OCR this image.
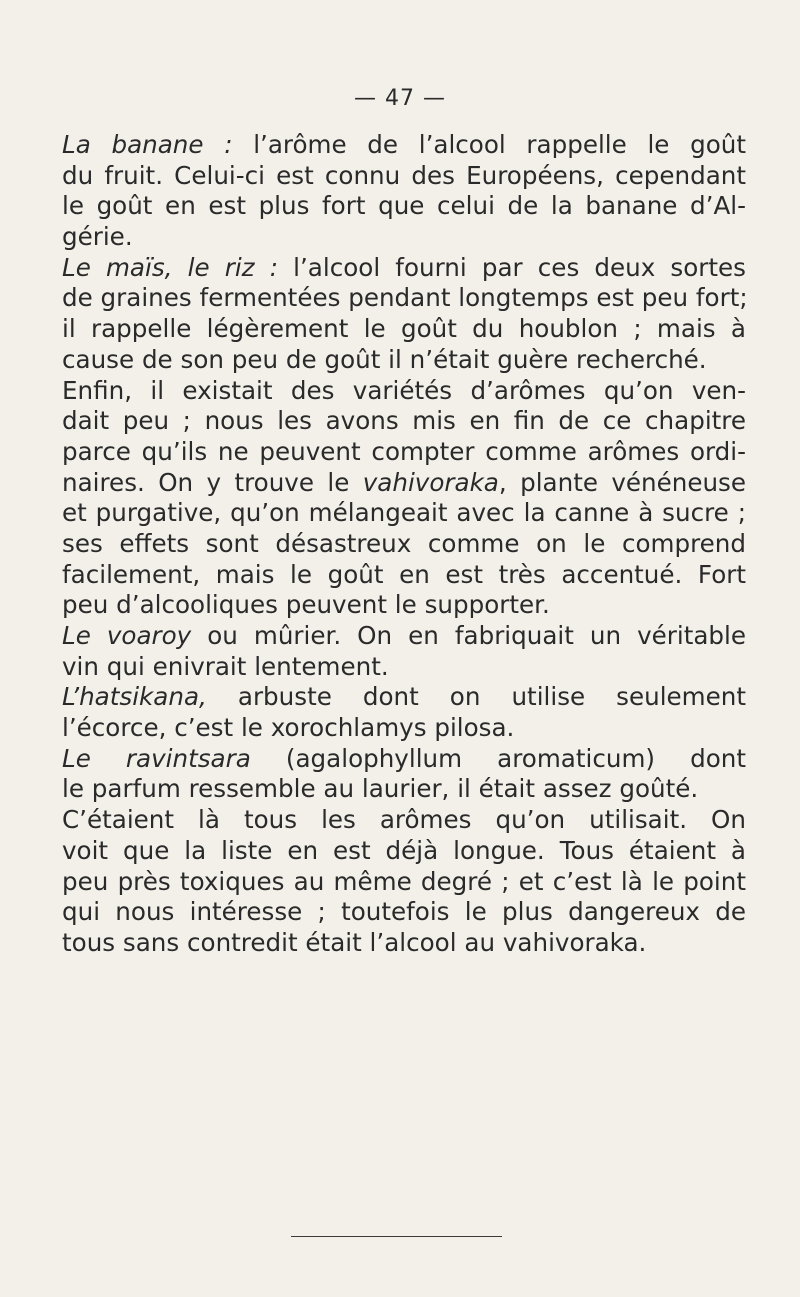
— 47 —
La banane : l’arôme de l’alcool rappelle le goût
du fruit. Celui-ci est connu des Européens, cependant
le goût en est plus fort que celui de la banane d’Al-
gérie.
Le maïs, le riz : l’alcool fourni par ces deux sortes
de graines fermentées pendant longtemps est peu fort;
il rappelle légèrement le goût du houblon ; mais à
cause de son peu de goût il n’était guère recherché.
Enfin, il existait des variétés d’arômes qu’on ven-
dait peu ; nous les avons mis en fin de ce chapitre
parce qu’ils ne peuvent compter comme arômes ordi-
naires. On y trouve le vahivoraka, plante vénéneuse
et purgative, qu’on mélangeait avec la canne à sucre ;
ses effets sont désastreux comme on le comprend
facilement, mais le goût en est très accentué. Fort
peu d’alcooliques peuvent le supporter.
Le voaroy ou mûrier. On en fabriquait un véritable
vin qui enivrait lentement.
L’hatsikana, arbuste dont on utilise seulement
l’écorce, c’est le xorochlamys pilosa.
Le ravintsara (agalophyllum aromaticum) dont
le parfum ressemble au laurier, il était assez goûté.
C’étaient là tous les arômes qu’on utilisait. On
voit que la liste en est déjà longue. Tous étaient à
peu près toxiques au même degré ; et c’est là le point
qui nous intéresse ; toutefois le plus dangereux de
tous sans contredit était l’alcool au vahivoraka.
